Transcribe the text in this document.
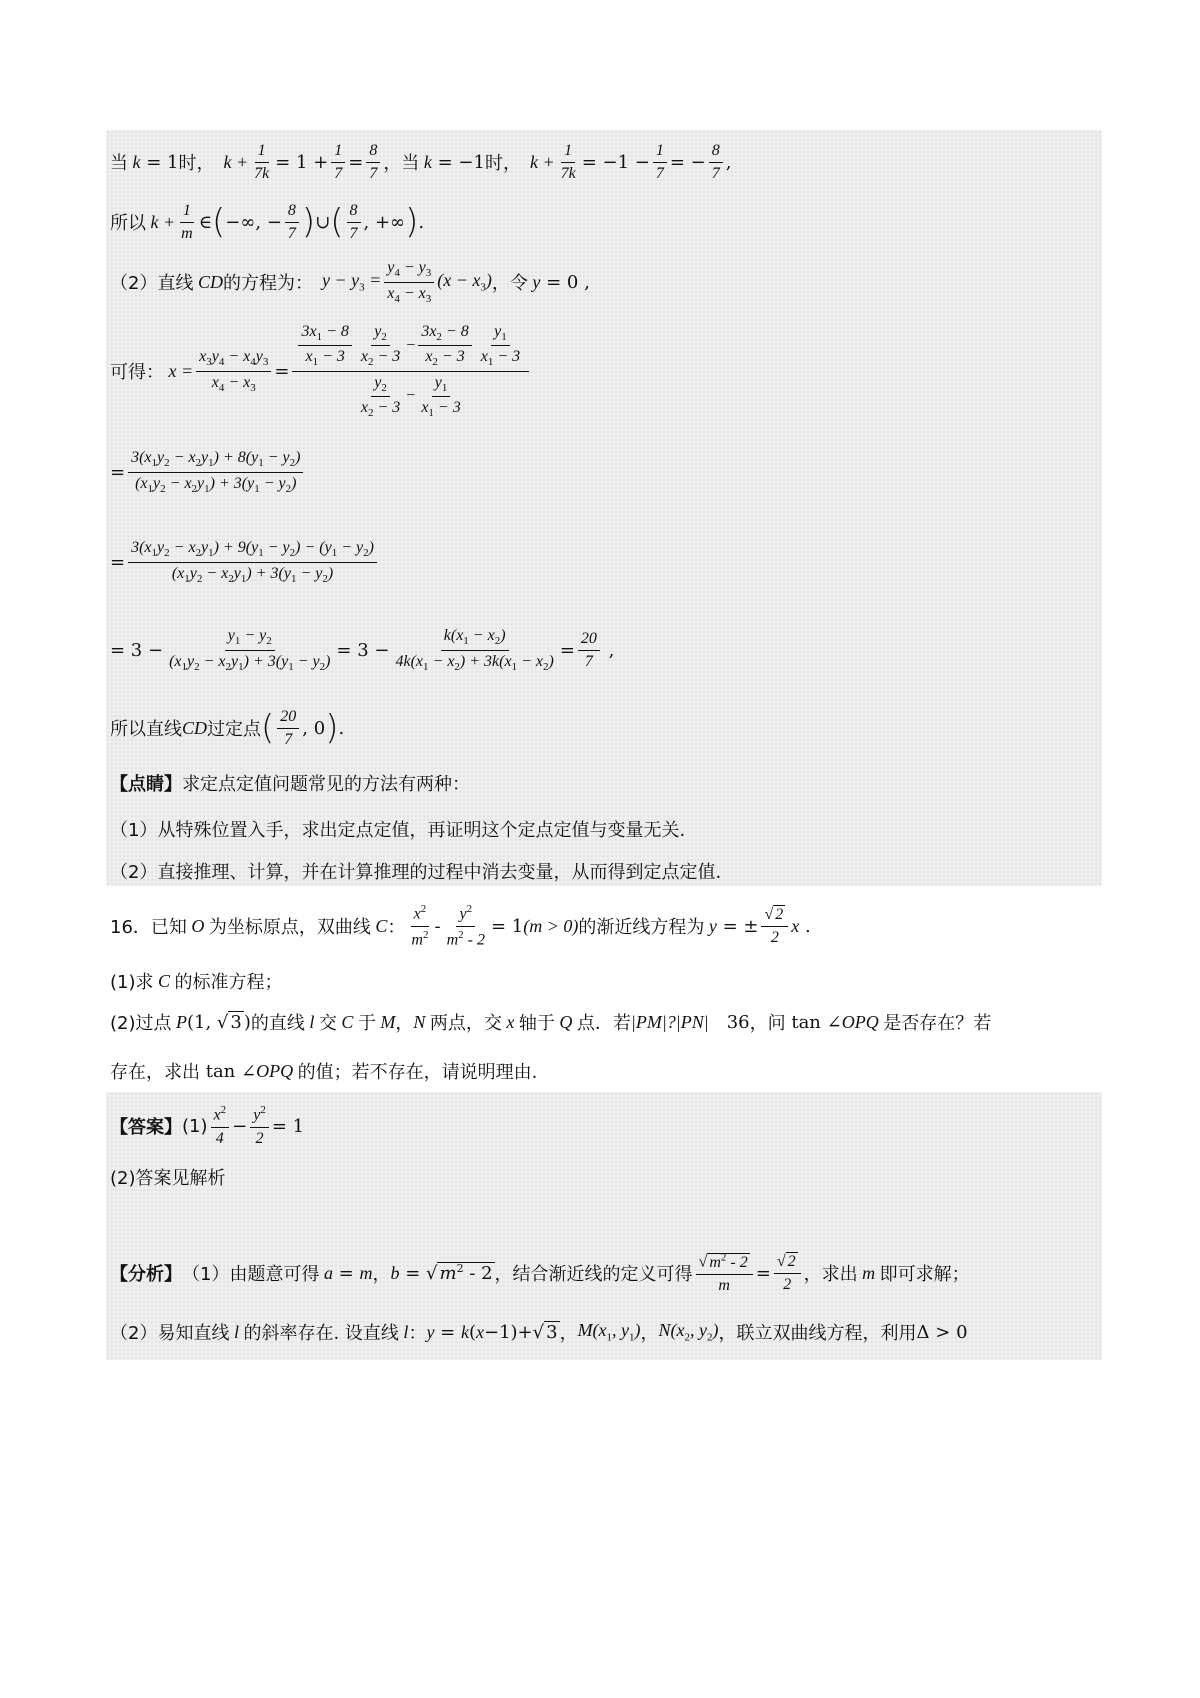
当 k = 1 时， $k + \frac{1}{7k} = 1 + \frac{1}{7} = \frac{8}{7}$ ， 当 k = −1 时， $k + \frac{1}{7k} = -1 - \frac{1}{7}$ = − $\frac{8}{7}$ ,
所以 $k + \frac{1}{m}$ ∈ ( −∞, − $\frac{8}{7}$ ) ∪ ( $\frac{8}{7}$ , +∞ ) .
（2）直线
CD 的方程为： $y - y_3 = \frac{y_4 - y_3}{x_4 - x_3} (x - x_3)$ ，令 y = 0 ,
可得： $x = \frac{x_3y_4 - x_4y_3}{x_4 - x_3}$ =
$\frac{3x_1 - 8}{x_1 - 3} \frac{y_2}{x_2 - 3} - \frac{3x_2 - 8}{x_2 - 3} \frac{y_1}{x_1 - 3}$
$\frac{y_2}{x_2 - 3} - \frac{y_1}{x_1 - 3}$
= $\frac{3(x_1y_2 - x_2y_1) + 8(y_1 - y_2)}{(x_1y_2 - x_2y_1) + 3(y_1 - y_2)}$
= $\frac{3(x_1y_2 - x_2y_1) + 9(y_1 - y_2) - (y_1 - y_2)}{(x_1y_2 - x_2y_1) + 3(y_1 - y_2)}$
= $3 - \frac{y_1 - y_2}{(x_1y_2 - x_2y_1) + 3(y_1 - y_2)} = 3 - \frac{k(x_1 - x_2)}{4k(x_1 - x_2) + 3k(x_1 - x_2)} = \frac{20}{7}$ ,
所以直线 CD 过定点 ( $\frac{20}{7}$ , 0 ) .
【点睛】 求定点定值问题常见的方法有两种：
（1）从特殊位置入手，求出定点定值，再证明这个定点定值与变量无关.
（2）直接推理、计算，并在计算推理的过程中消去变量，从而得到定点定值.
16．已知
O
为坐标原点，双曲线
C ： $\frac{x^2}{m^2} - \frac{y^2}{m^2 - 2} = 1$ (m > 0) 的渐近线方程为 y = ± $\frac{√ 2}{2}$ x .
(1)求
C
的标准方程；
(2)过点 P (1, √ 3 ) 的直线 l 交
C
于 M ， N 两点，交 x 轴于 Q 点．若 |PM|?|PN| 36 ，问 tan ∠OPQ 是否存在？若
存在，求出 tan ∠OPQ 的值；若不存在，请说明理由.
【答案】 $(1) \frac{x^2}{4} - \frac{y^2}{2} = 1$
(2)答案见解析
【分析】 （1）由题意可得 a = m ， b = √ $m^2 - 2$ ，结合渐近线的定义可得 $\frac{√ m^2 - 2}{m} = \frac{√ 2}{2}$ ，求出 m 即可求解；
（2）易知直线 l 的斜率存在. 设直线 l ： y = k ( x −1)+√ 3 ， $M(x_1$, $y_1$) ， $N(x_2$, $y_2$) ，联立双曲线方程，利用 Δ > 0
